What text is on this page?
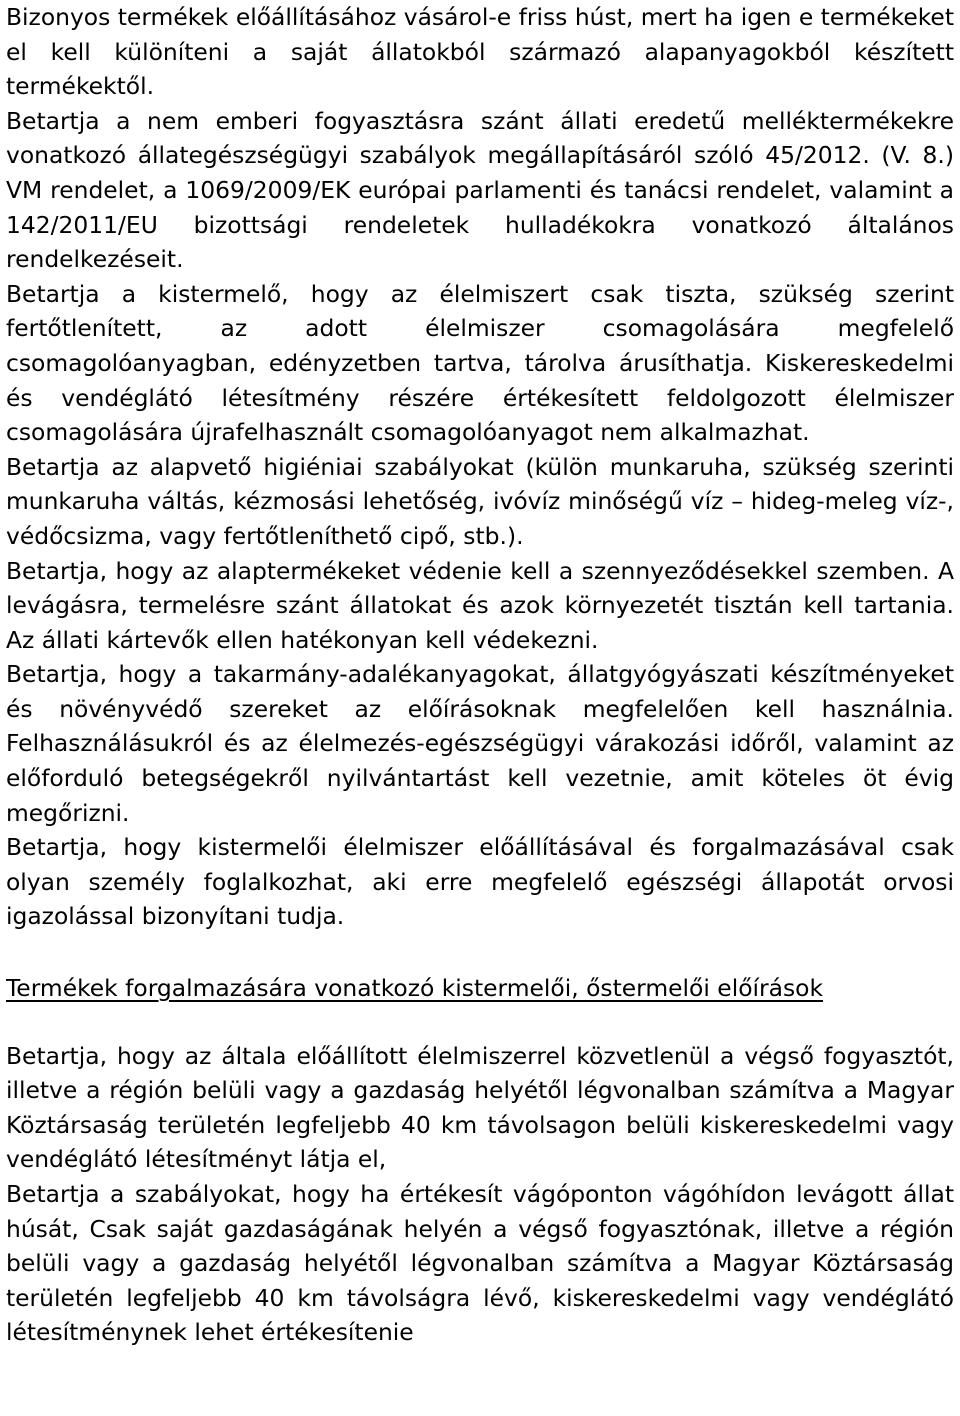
Bizonyos termékek előállításához vásárol-e friss húst, mert ha igen e termékeket el kell különíteni a saját állatokból származó alapanyagokból készített termékektől.

Betartja a nem emberi fogyasztásra szánt állati eredetű melléktermékekre vonatkozó állategészségügyi szabályok megállapításáról szóló 45/2012. (V. 8.) VM rendelet, a 1069/2009/EK európai parlamenti és tanácsi rendelet, valamint a 142/2011/EU bizottsági rendeletek hulladékokra vonatkozó általános rendelkezéseit.

Betartja a kistermelő, hogy az élelmiszert csak tiszta, szükség szerint fertőtlenített, az adott élelmiszer csomagolására megfelelő csomagolóanyagban, edényzetben tartva, tárolva árusíthatja. Kiskereskedelmi és vendéglátó létesítmény részére értékesített feldolgozott élelmiszer csomagolására újrafelhasznált csomagolóanyagot nem alkalmazhat.

Betartja az alapvető higiéniai szabályokat (külön munkaruha, szükség szerinti munkaruha váltás, kézmosási lehetőség, ivóvíz minőségű víz – hideg-meleg víz-, védőcsizma, vagy fertőtleníthető cipő, stb.).

Betartja, hogy az alaptermékeket védenie kell a szennyeződésekkel szemben. A levágásra, termelésre szánt állatokat és azok környezetét tisztán kell tartania. Az állati kártevők ellen hatékonyan kell védekezni.

Betartja, hogy a takarmány-adalékanyagokat, állatgyógyászati készítményeket és növényvédő szereket az előírásoknak megfelelően kell használnia. Felhasználásukról és az élelmezés-egészségügyi várakozási időről, valamint az előforduló betegségekről nyilvántartást kell vezetnie, amit köteles öt évig megőrizni.

Betartja, hogy kistermelői élelmiszer előállításával és forgalmazásával csak olyan személy foglalkozhat, aki erre megfelelő egészségi állapotát orvosi igazolással bizonyítani tudja.

Termékek forgalmazására vonatkozó kistermelői, őstermelői előírások

Betartja, hogy az általa előállított élelmiszerrel közvetlenül a végső fogyasztót, illetve a régión belüli vagy a gazdaság helyétől légvonalban számítva a Magyar Köztársaság területén legfeljebb 40 km távolsagon belüli kiskereskedelmi vagy vendéglátó létesítményt látja el,

Betartja a szabályokat, hogy ha értékesít vágóponton vágóhídon levágott állat húsát, Csak saját gazdaságának helyén a végső fogyasztónak, illetve a régión belüli vagy a gazdaság helyétől légvonalban számítva a Magyar Köztársaság területén legfeljebb 40 km távolságra lévő, kiskereskedelmi vagy vendéglátó létesítménynek lehet értékesítenie
